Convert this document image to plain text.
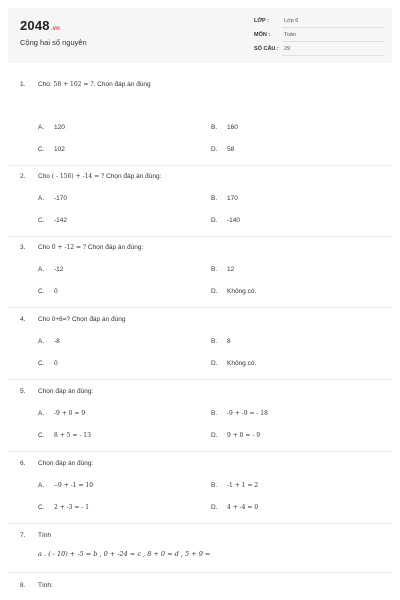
2048.vn
Cộng hai số nguyên
LỚP :	Lớp 6
MÔN :	Toán
SỐ CÂU : 29
1.	Cho: 58 + 102 = ?. Chọn đáp án đúng
A. 120	B. 160
C. 102	D. 58
2.	Cho ( - 156) + -14 = ? Chọn đáp án đúng:
A. -170	B. 170
C. -142	D. -140
3.	Cho 0 + -12 = ? Chọn đáp án đúng:
A. -12	B. 12
C. 0	D. Không có.
4.	Cho 0+8=? Chọn đáp án đúng
A. -8	B. 8
C. 0	D. Không có.
5.	Chọn đáp án đúng:
A. -9 + 0 = 9	B. -9 + -9 = - 18
C. 8 + 5 = - 13	D. 9 + 0 = - 9
6.	Chọn đáp án đúng:
A. --9 + -1 = 10	B. -1 + 1 = 2
C. 2 + -3 = - 1	D. 4 + -4 = 0
7.	Tính
a . ( - 10) + -5 = b , 0 + -24 = c , 8 + 0 = d , 5 + 9 =
8.	Tính:
